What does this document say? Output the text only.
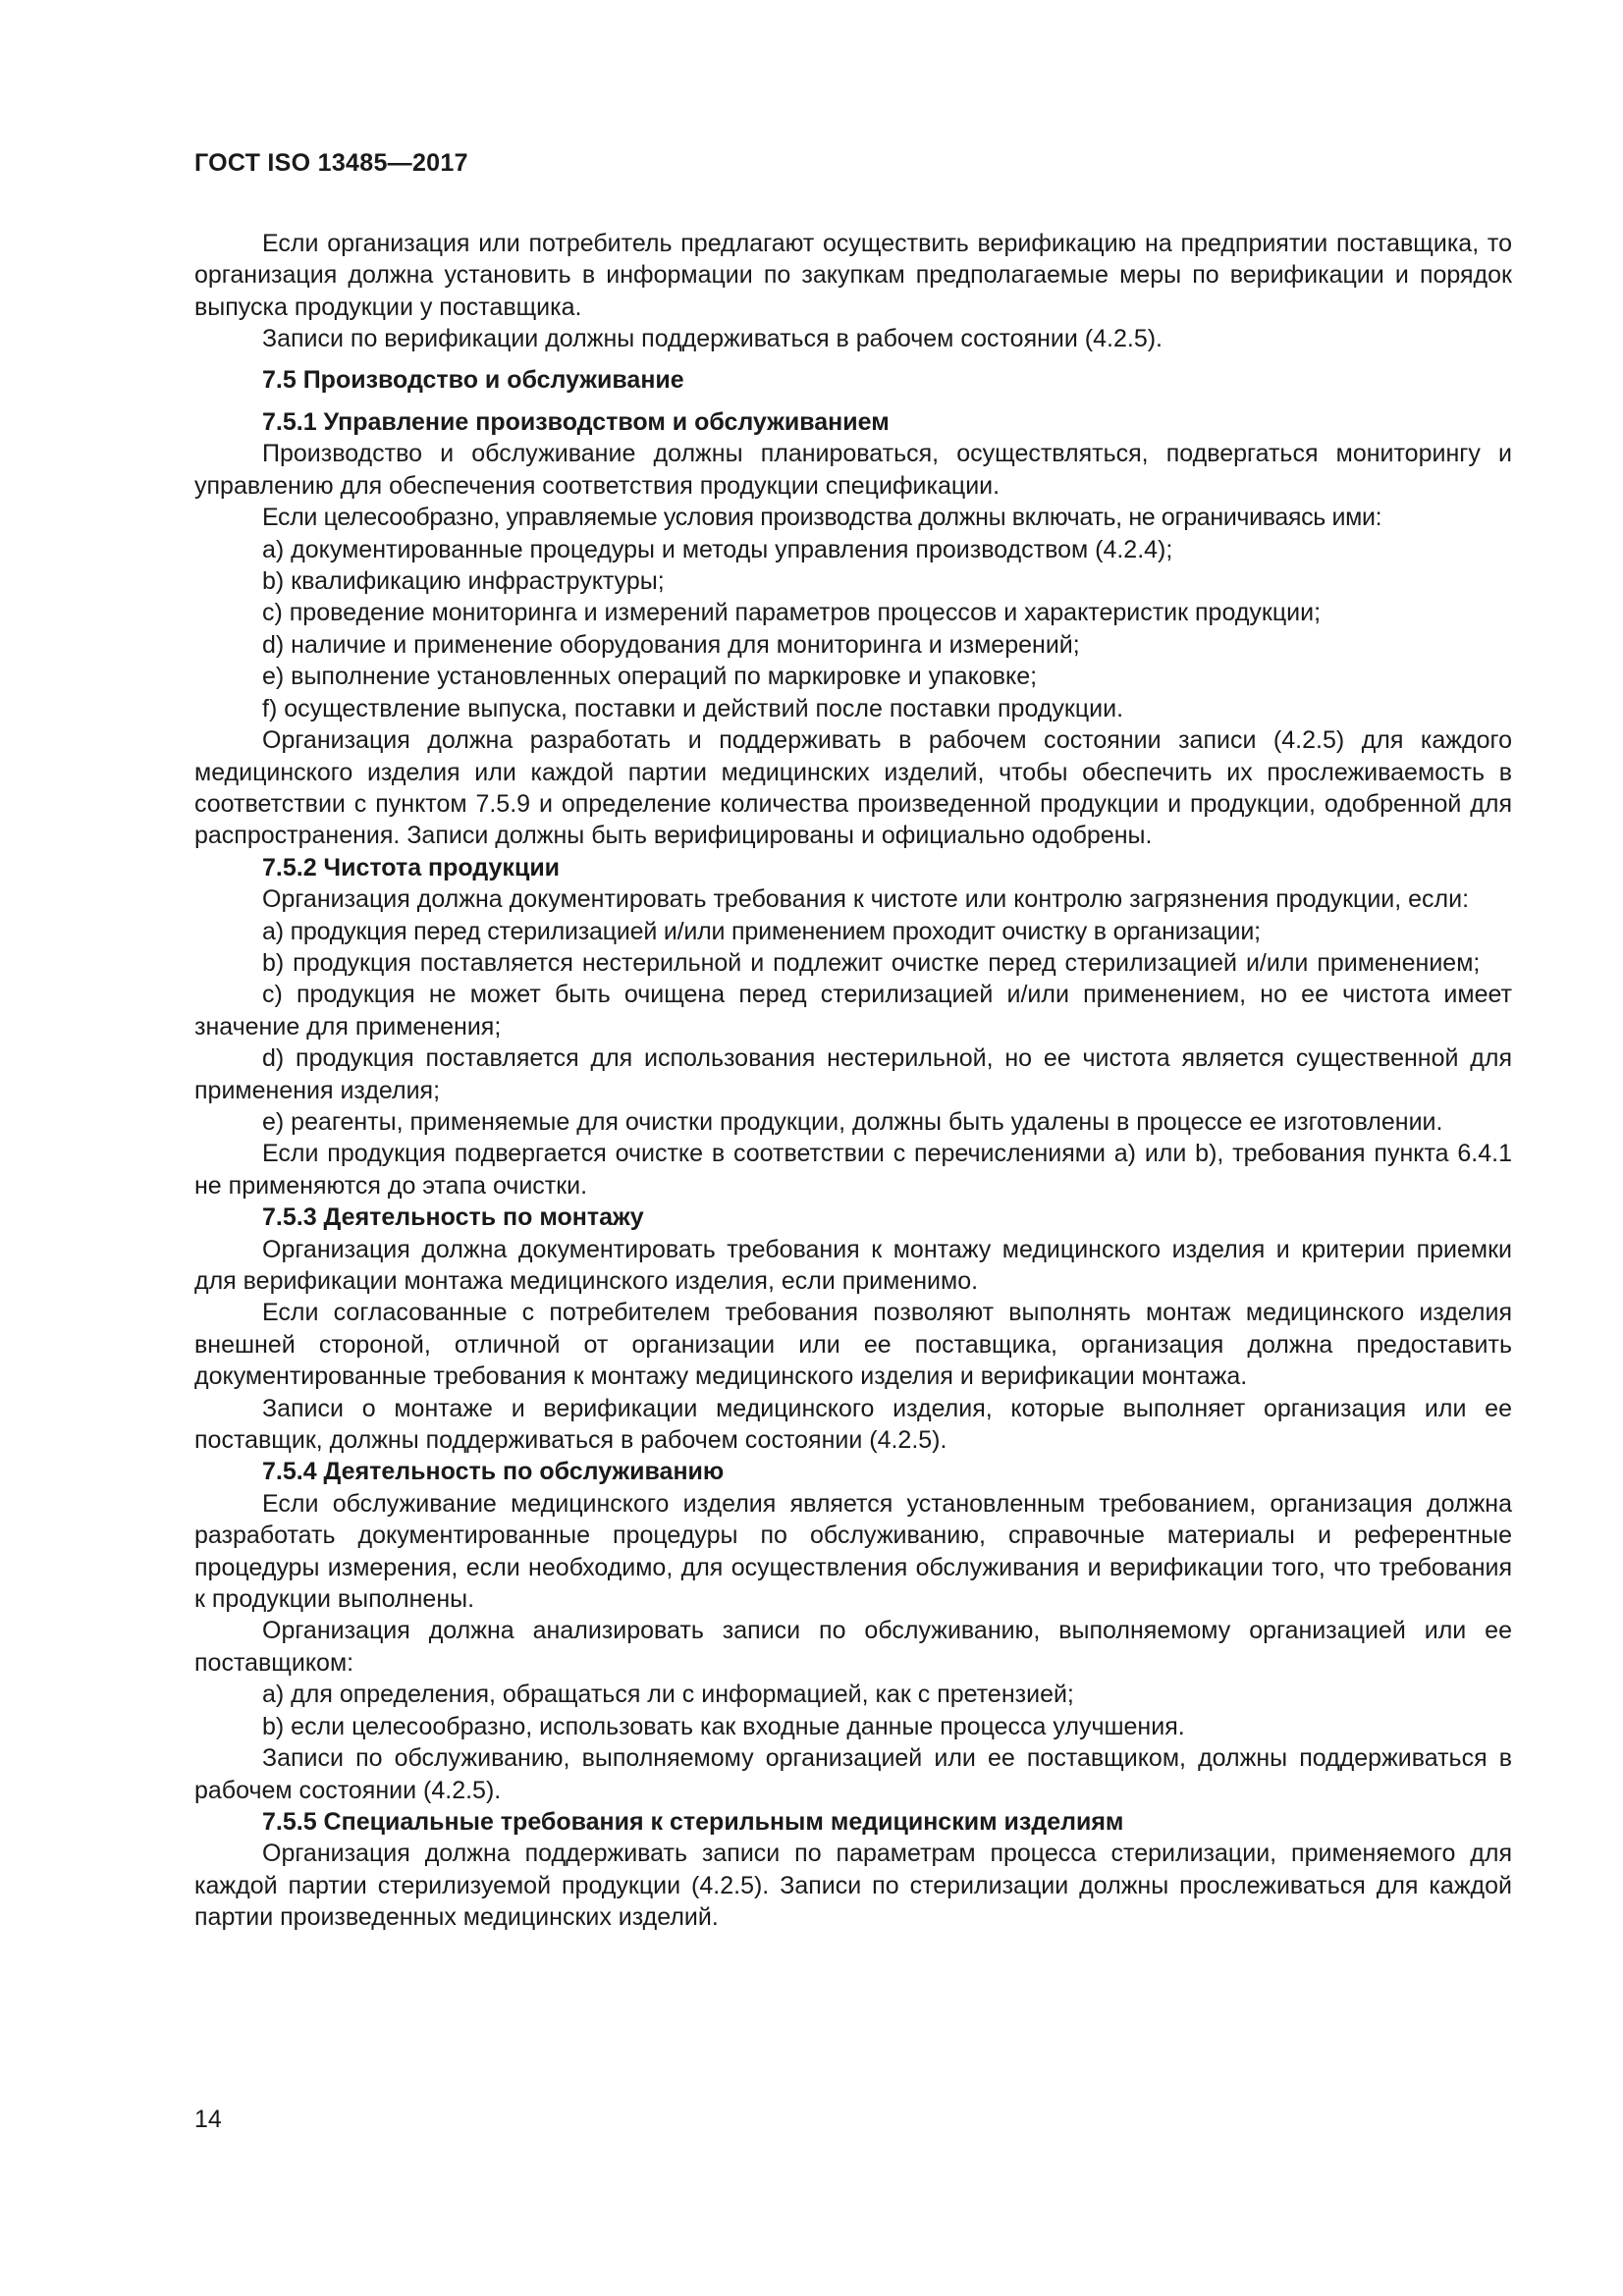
ГОСТ ISO 13485—2017

Если организация или потребитель предлагают осуществить верификацию на предприятии поставщика, то организация должна установить в информации по закупкам предполагаемые меры по верификации и порядок выпуска продукции у поставщика.

Записи по верификации должны поддерживаться в рабочем состоянии (4.2.5).

7.5 Производство и обслуживание

7.5.1 Управление производством и обслуживанием

Производство и обслуживание должны планироваться, осуществляться, подвергаться мониторингу и управлению для обеспечения соответствия продукции спецификации.

Если целесообразно, управляемые условия производства должны включать, не ограничиваясь ими:

a) документированные процедуры и методы управления производством (4.2.4);

b) квалификацию инфраструктуры;

c) проведение мониторинга и измерений параметров процессов и характеристик продукции;

d) наличие и применение оборудования для мониторинга и измерений;

e) выполнение установленных операций по маркировке и упаковке;

f) осуществление выпуска, поставки и действий после поставки продукции.

Организация должна разработать и поддерживать в рабочем состоянии записи (4.2.5) для каждого медицинского изделия или каждой партии медицинских изделий, чтобы обеспечить их прослеживаемость в соответствии с пунктом 7.5.9 и определение количества произведенной продукции и продукции, одобренной для распространения. Записи должны быть верифицированы и официально одобрены.

7.5.2 Чистота продукции

Организация должна документировать требования к чистоте или контролю загрязнения продукции, если:

a) продукция перед стерилизацией и/или применением проходит очистку в организации;

b) продукция поставляется нестерильной и подлежит очистке перед стерилизацией и/или применением;

c) продукция не может быть очищена перед стерилизацией и/или применением, но ее чистота имеет значение для применения;

d) продукция поставляется для использования нестерильной, но ее чистота является существенной для применения изделия;

e) реагенты, применяемые для очистки продукции, должны быть удалены в процессе ее изготовлении.

Если продукция подвергается очистке в соответствии с перечислениями а) или b), требования пункта 6.4.1 не применяются до этапа очистки.

7.5.3 Деятельность по монтажу

Организация должна документировать требования к монтажу медицинского изделия и критерии приемки для верификации монтажа медицинского изделия, если применимо.

Если согласованные с потребителем требования позволяют выполнять монтаж медицинского изделия внешней стороной, отличной от организации или ее поставщика, организация должна предоставить документированные требования к монтажу медицинского изделия и верификации монтажа.

Записи о монтаже и верификации медицинского изделия, которые выполняет организация или ее поставщик, должны поддерживаться в рабочем состоянии (4.2.5).

7.5.4 Деятельность по обслуживанию

Если обслуживание медицинского изделия является установленным требованием, организация должна разработать документированные процедуры по обслуживанию, справочные материалы и референтные процедуры измерения, если необходимо, для осуществления обслуживания и верификации того, что требования к продукции выполнены.

Организация должна анализировать записи по обслуживанию, выполняемому организацией или ее поставщиком:

a) для определения, обращаться ли с информацией, как с претензией;

b) если целесообразно, использовать как входные данные процесса улучшения.

Записи по обслуживанию, выполняемому организацией или ее поставщиком, должны поддерживаться в рабочем состоянии (4.2.5).

7.5.5 Специальные требования к стерильным медицинским изделиям

Организация должна поддерживать записи по параметрам процесса стерилизации, применяемого для каждой партии стерилизуемой продукции (4.2.5). Записи по стерилизации должны прослеживаться для каждой партии произведенных медицинских изделий.

14
